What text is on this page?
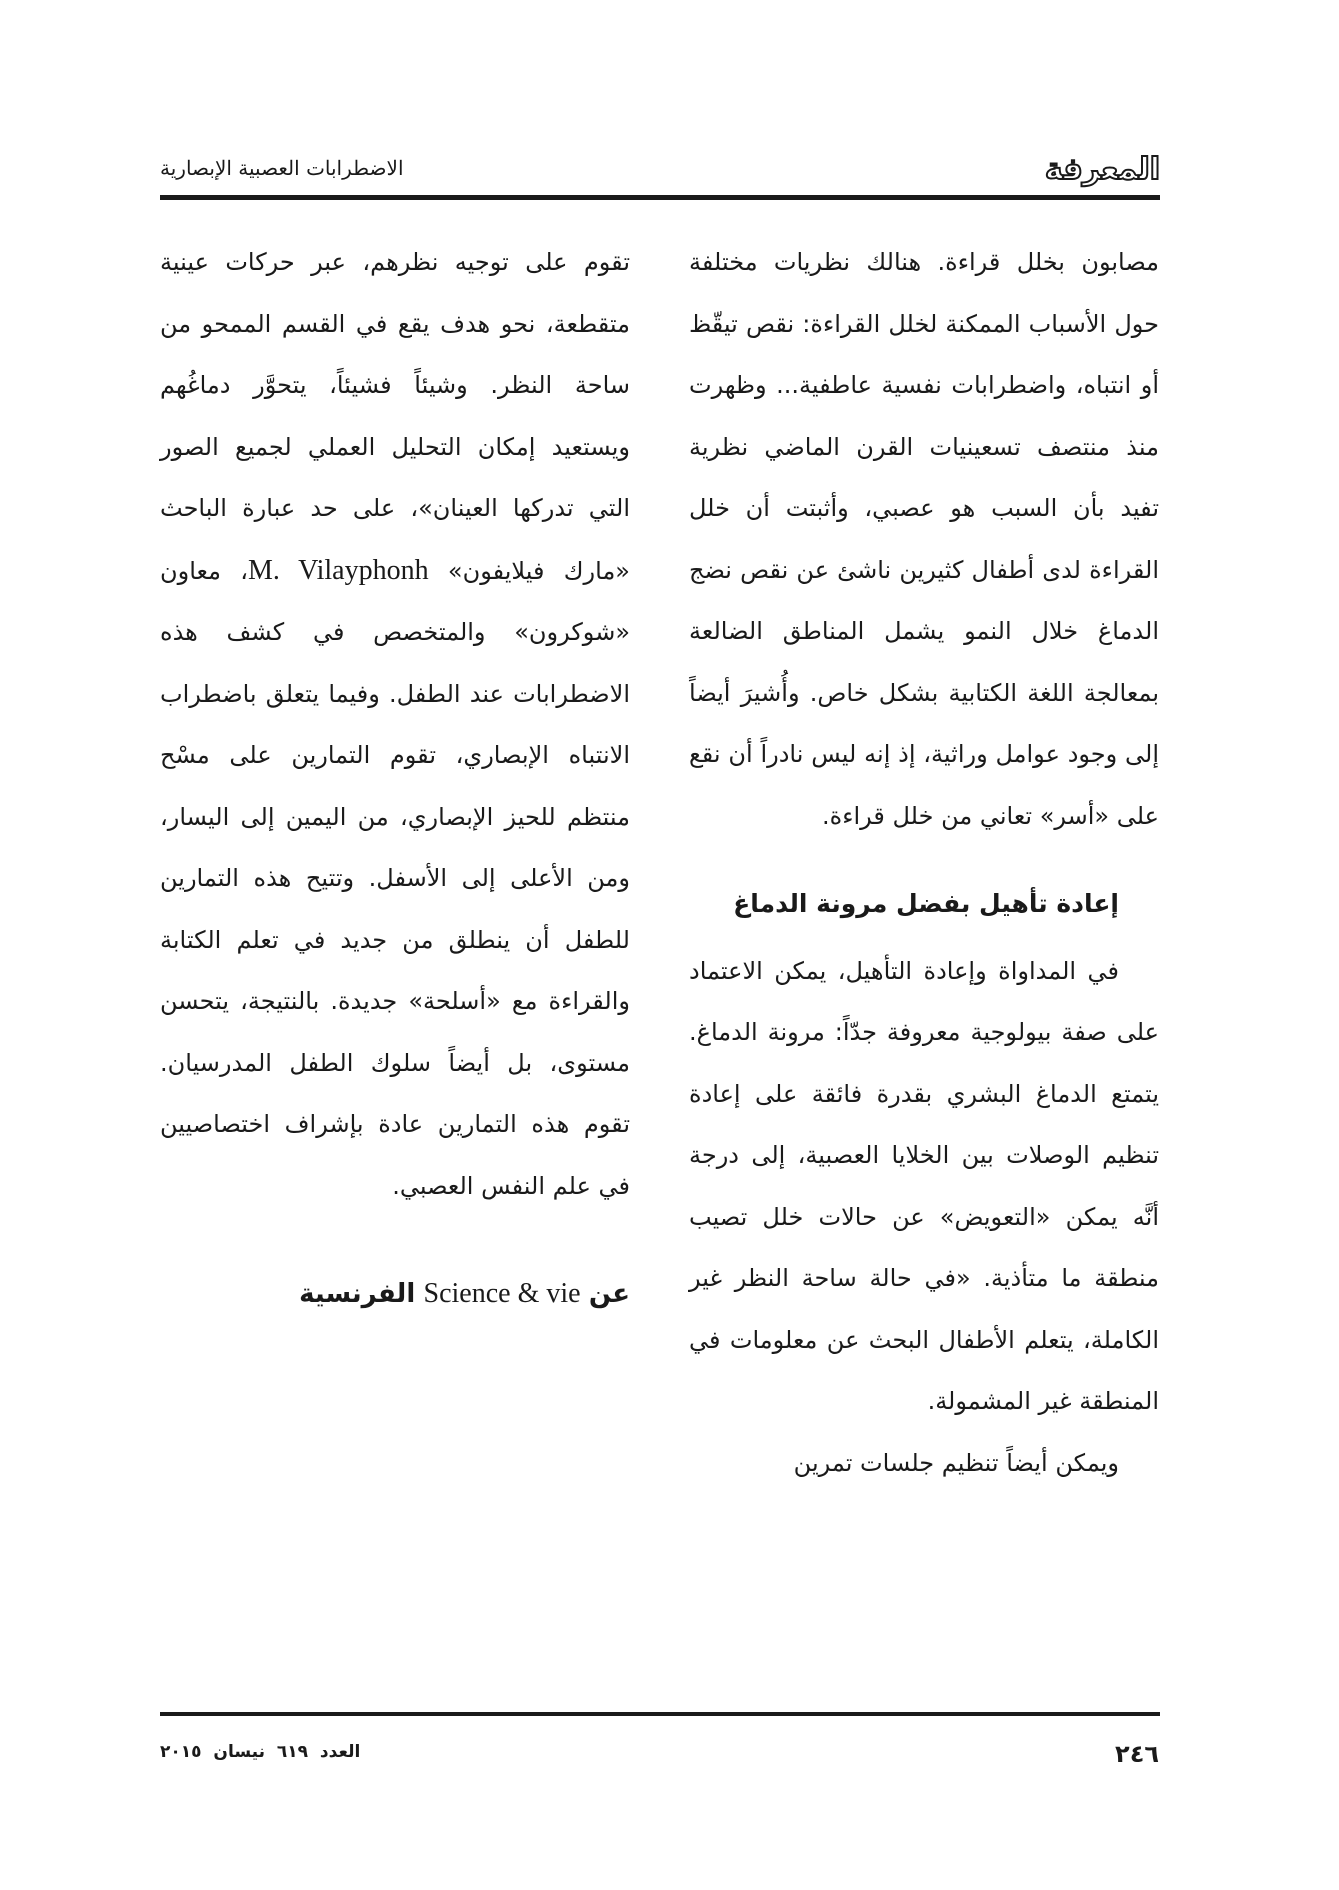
المعرفة
الاضطرابات العصبية الإبصارية

مصابون بخلل قراءة. هنالك نظريات مختلفة حول الأسباب الممكنة لخلل القراءة: نقص تيقّظ أو انتباه، واضطرابات نفسية عاطفية... وظهرت منذ منتصف تسعينيات القرن الماضي نظرية تفيد بأن السبب هو عصبي، وأثبتت أن خلل القراءة لدى أطفال كثيرين ناشئ عن نقص نضج الدماغ خلال النمو يشمل المناطق الضالعة بمعالجة اللغة الكتابية بشكل خاص. وأُشيرَ أيضاً إلى وجود عوامل وراثية، إذ إنه ليس نادراً أن نقع على «أسر» تعاني من خلل قراءة.

إعادة تأهيل بفضل مرونة الدماغ

في المداواة وإعادة التأهيل، يمكن الاعتماد على صفة بيولوجية معروفة جدّاً: مرونة الدماغ. يتمتع الدماغ البشري بقدرة فائقة على إعادة تنظيم الوصلات بين الخلايا العصبية، إلى درجة أنَّه يمكن «التعويض» عن حالات خلل تصيب منطقة ما متأذية. «في حالة ساحة النظر غير الكاملة، يتعلم الأطفال البحث عن معلومات في المنطقة غير المشمولة.

ويمكن أيضاً تنظيم جلسات تمرين

تقوم على توجيه نظرهم، عبر حركات عينية متقطعة، نحو هدف يقع في القسم الممحو من ساحة النظر. وشيئاً فشيئاً، يتحوَّر دماغُهم ويستعيد إمكان التحليل العملي لجميع الصور التي تدركها العينان»، على حد عبارة الباحث «مارك فيلايفون» M. Vilayphonh، معاون «شوكرون» والمتخصص في كشف هذه الاضطرابات عند الطفل. وفيما يتعلق باضطراب الانتباه الإبصاري، تقوم التمارين على مسْح منتظم للحيز الإبصاري، من اليمين إلى اليسار، ومن الأعلى إلى الأسفل. وتتيح هذه التمارين للطفل أن ينطلق من جديد في تعلم الكتابة والقراءة مع «أسلحة» جديدة. بالنتيجة، يتحسن مستوى، بل أيضاً سلوك الطفل المدرسيان. تقوم هذه التمارين عادة بإشراف اختصاصيين في علم النفس العصبي.

عن Science & vie الفرنسية

٢٤٦
العدد ٦١٩ نيسان ٢٠١٥
